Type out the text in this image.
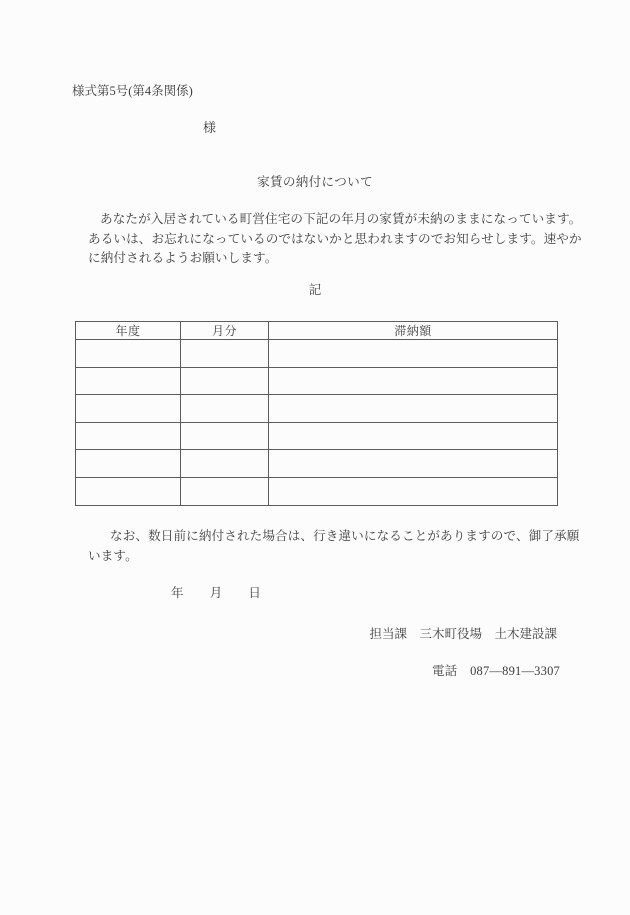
様式第5号(第4条関係)
様
家賃の納付について
あなたが入居されている町営住宅の下記の年月の家賃が未納のままになっています。
あるいは、お忘れになっているのではないかと思われますのでお知らせします。速やか
に納付されるようお願いします。
記
年度	月分	滞納額

なお、数日前に納付された場合は、行き違いになることがありますので、御了承願
います。
年　　月　　日
担当課　三木町役場　土木建設課
電話　087―891―3307
